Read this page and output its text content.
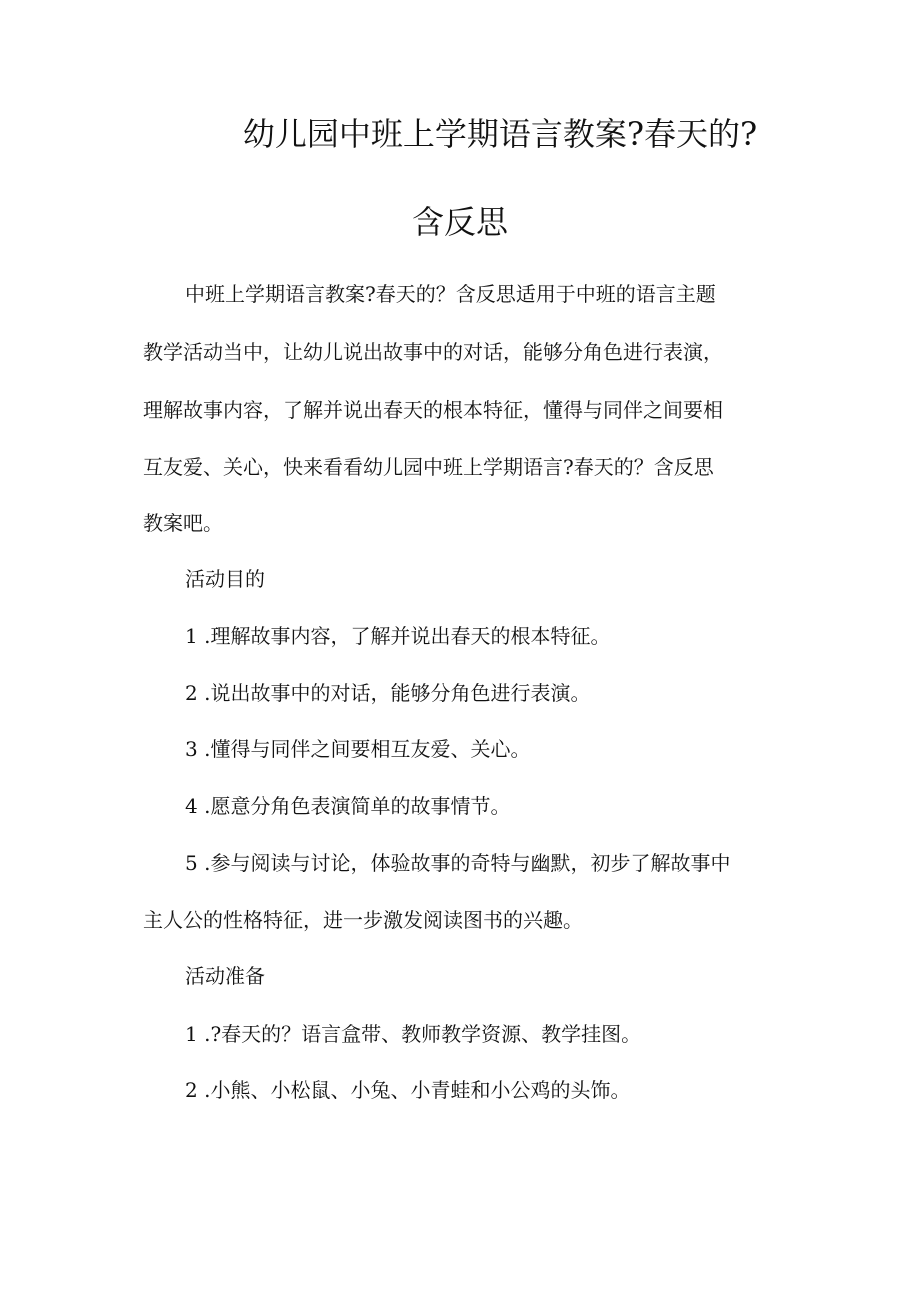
幼儿园中班上学期语言教案?春天的?
含反思

中班上学期语言教案?春天的？含反思适用于中班的语言主题

教学活动当中，让幼儿说出故事中的对话，能够分角色进行表演，

理解故事内容，了解并说出春天的根本特征，懂得与同伴之间要相

互友爱、关心，快来看看幼儿园中班上学期语言?春天的？含反思

教案吧。

活动目的

1 .理解故事内容，了解并说出春天的根本特征。

2 .说出故事中的对话，能够分角色进行表演。

3 .懂得与同伴之间要相互友爱、关心。

4 .愿意分角色表演简单的故事情节。

5 .参与阅读与讨论，体验故事的奇特与幽默，初步了解故事中

主人公的性格特征，进一步激发阅读图书的兴趣。

活动准备

1 .?春天的？语言盒带、教师教学资源、教学挂图。

2 .小熊、小松鼠、小兔、小青蛙和小公鸡的头饰。
